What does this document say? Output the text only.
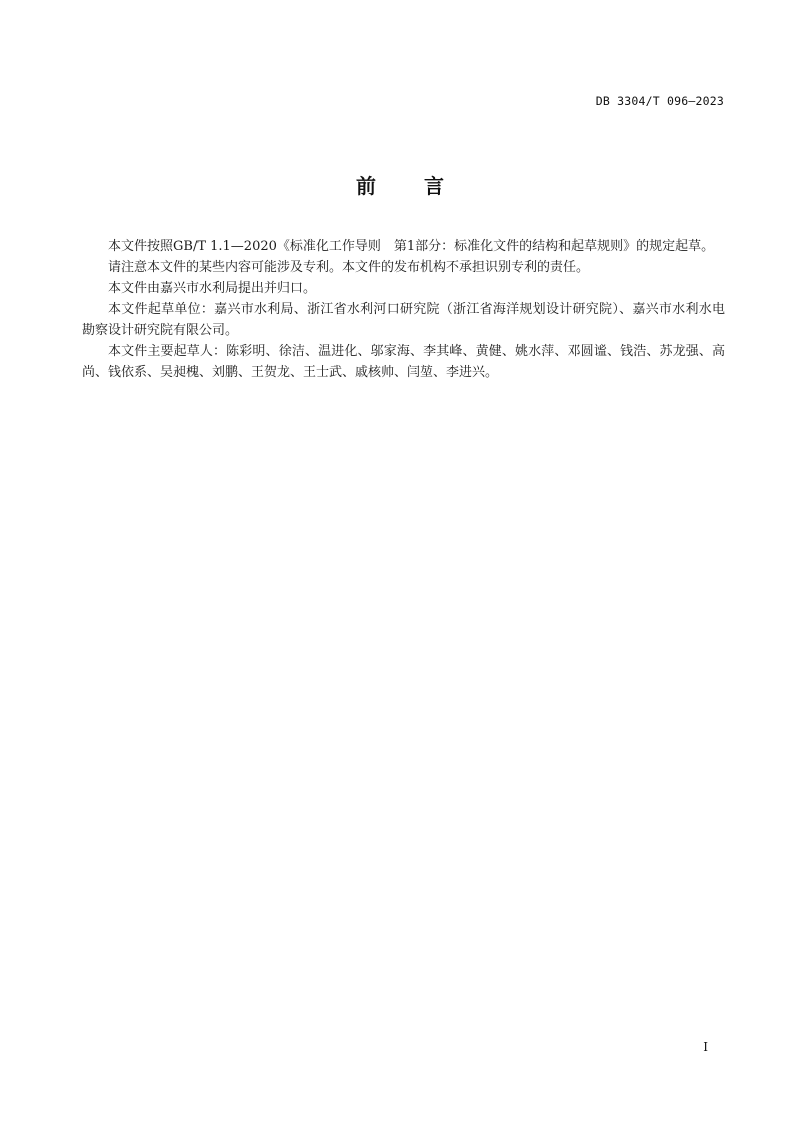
DB 3304/T 096—2023
前 言

本文件按照GB/T 1.1—2020《标准化工作导则　第1部分：标准化文件的结构和起草规则》的规定起草。

请注意本文件的某些内容可能涉及专利。本文件的发布机构不承担识别专利的责任。

本文件由嘉兴市水利局提出并归口。

本文件起草单位：嘉兴市水利局、浙江省水利河口研究院（浙江省海洋规划设计研究院）、嘉兴市水利水电勘察设计研究院有限公司。

本文件主要起草人：陈彩明、徐洁、温进化、邬家海、李其峰、黄健、姚水萍、邓圆谧、钱浩、苏龙强、高尚、钱依系、吴昶槐、刘鹏、王贺龙、王士武、戚核帅、闫堃、李进兴。

I
